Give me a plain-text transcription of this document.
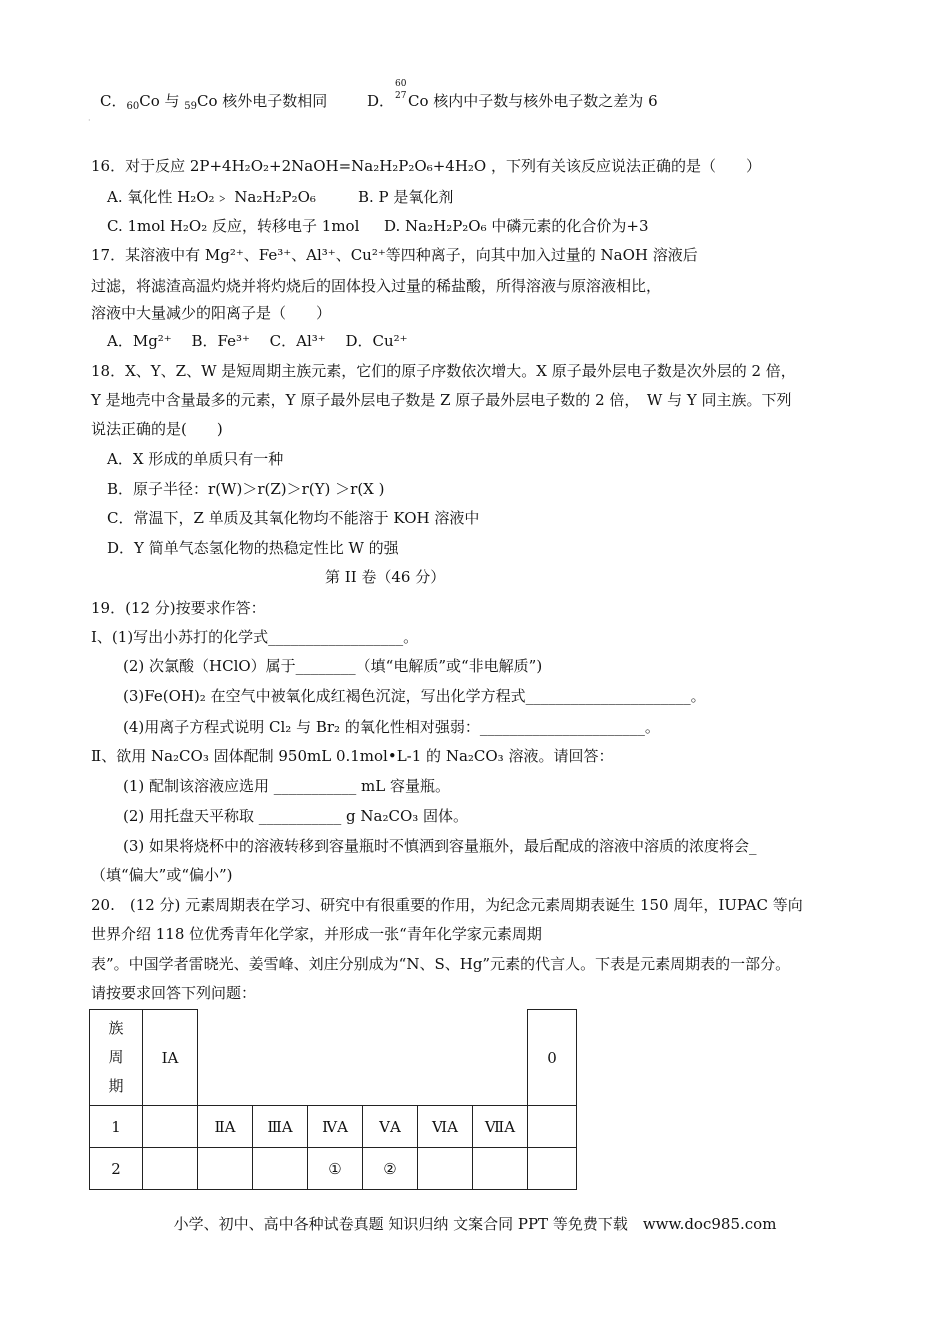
C．$_{60}$Co 与 $_{59}$Co 核外电子数相同	D．
60
27 Co 核内中子数与核外电子数之差为 6
·
16．对于反应 2P+4H₂O₂+2NaOH=Na₂H₂P₂O₆+4H₂O ，下列有关该反应说法正确的是（　　）
A. 氧化性 H₂O₂﹥ Na₂H₂P₂O₆	B. P 是氧化剂
C. 1mol H₂O₂ 反应，转移电子 1mol D. Na₂H₂P₂O₆ 中磷元素的化合价为+3
17．某溶液中有 Mg²⁺、Fe³⁺、Al³⁺、Cu²⁺等四种离子，向其中加入过量的 NaOH 溶液后
过滤，将滤渣高温灼烧并将灼烧后的固体投入过量的稀盐酸，所得溶液与原溶液相比，
溶液中大量减少的阳离子是（　　）
A．Mg²⁺　 B．Fe³⁺　 C．Al³⁺　 D．Cu²⁺
18．X、Y、Z、W 是短周期主族元素，它们的原子序数依次增大。X 原子最外层电子数是次外层的 2 倍，
Y 是地壳中含量最多的元素，Y 原子最外层电子数是 Z 原子最外层电子数的 2 倍，　W 与 Y 同主族。下列
说法正确的是(　　)
A．X 形成的单质只有一种
B．原子半径：r(W)＞r(Z)＞r(Y) ＞r(X )
C．常温下，Z 单质及其氧化物均不能溶于 KOH 溶液中
D．Y 简单气态氢化物的热稳定性比 W 的强
第 II 卷（46 分）
19．(12 分)按要求作答：
Ⅰ、(1)写出小苏打的化学式__________________。
(2) 次氯酸（HClO）属于________（填“电解质”或“非电解质”)
(3)Fe(OH)₂ 在空气中被氧化成红褐色沉淀，写出化学方程式______________________。
(4)用离子方程式说明 Cl₂ 与 Br₂ 的氧化性相对强弱：______________________。
Ⅱ、欲用 Na₂CO₃ 固体配制 950mL 0.1mol•L-1 的 Na₂CO₃ 溶液。请回答：
(1) 配制该溶液应选用 ___________ mL 容量瓶。
(2) 用托盘天平称取 ___________ g Na₂CO₃ 固体。
(3) 如果将烧杯中的溶液转移到容量瓶时不慎洒到容量瓶外，最后配成的溶液中溶质的浓度将会_
（填“偏大”或“偏小”)
20.　(12 分) 元素周期表在学习、研究中有很重要的作用，为纪念元素周期表诞生 150 周年，IUPAC 等向
世界介绍 118 位优秀青年化学家，并形成一张“青年化学家元素周期
表”。中国学者雷晓光、姜雪峰、刘庄分别成为“N、S、Hg”元素的代言人。下表是元素周期表的一部分。
请按要求回答下列问题：
族
周
期	ⅠA							0
1		ⅡA	ⅢA	ⅣA	ⅤA	ⅥA	ⅦA	
2				①	②			
小学、初中、高中各种试卷真题 知识归纳 文案合同 PPT 等免费下载　www.doc985.com
